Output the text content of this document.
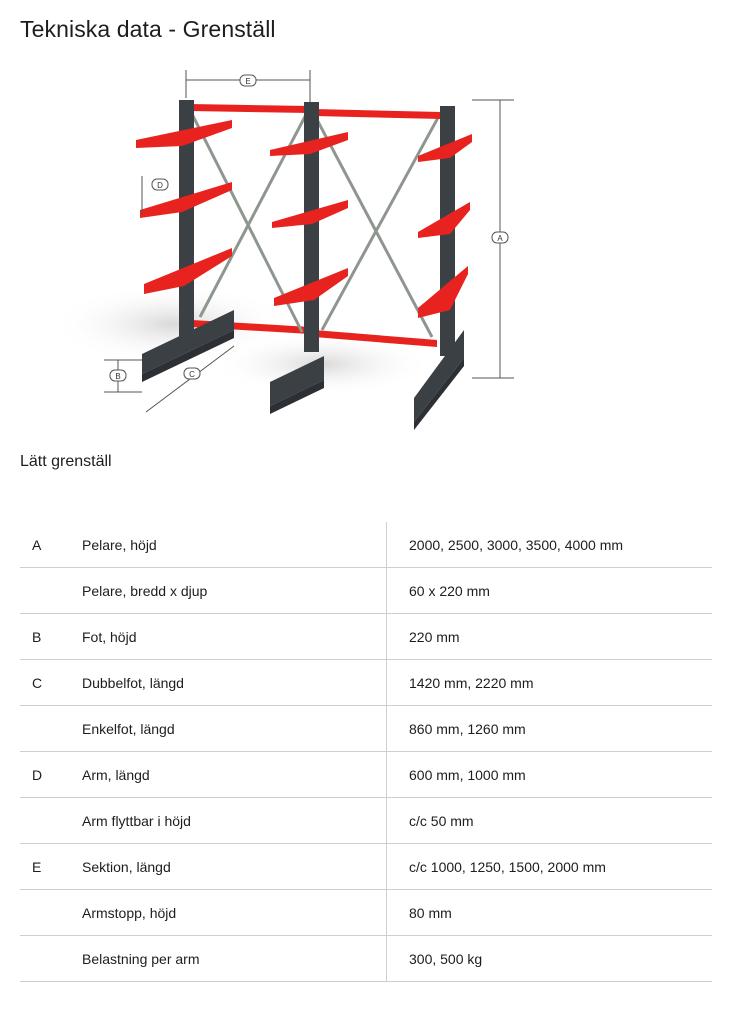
Tekniska data - Grenställ
E
D
A
B	C

Lätt grenställ

A	Pelare, höjd	2000, 2500, 3000, 3500, 4000 mm
	Pelare, bredd x djup	60 x 220 mm
B	Fot, höjd	220 mm
C	Dubbelfot, längd	1420 mm, 2220 mm
	Enkelfot, längd	860 mm, 1260 mm
D	Arm, längd	600 mm, 1000 mm
	Arm flyttbar i höjd	c/c 50 mm
E	Sektion, längd	c/c 1000, 1250, 1500, 2000 mm
	Armstopp, höjd	80 mm
	Belastning per arm	300, 500 kg
